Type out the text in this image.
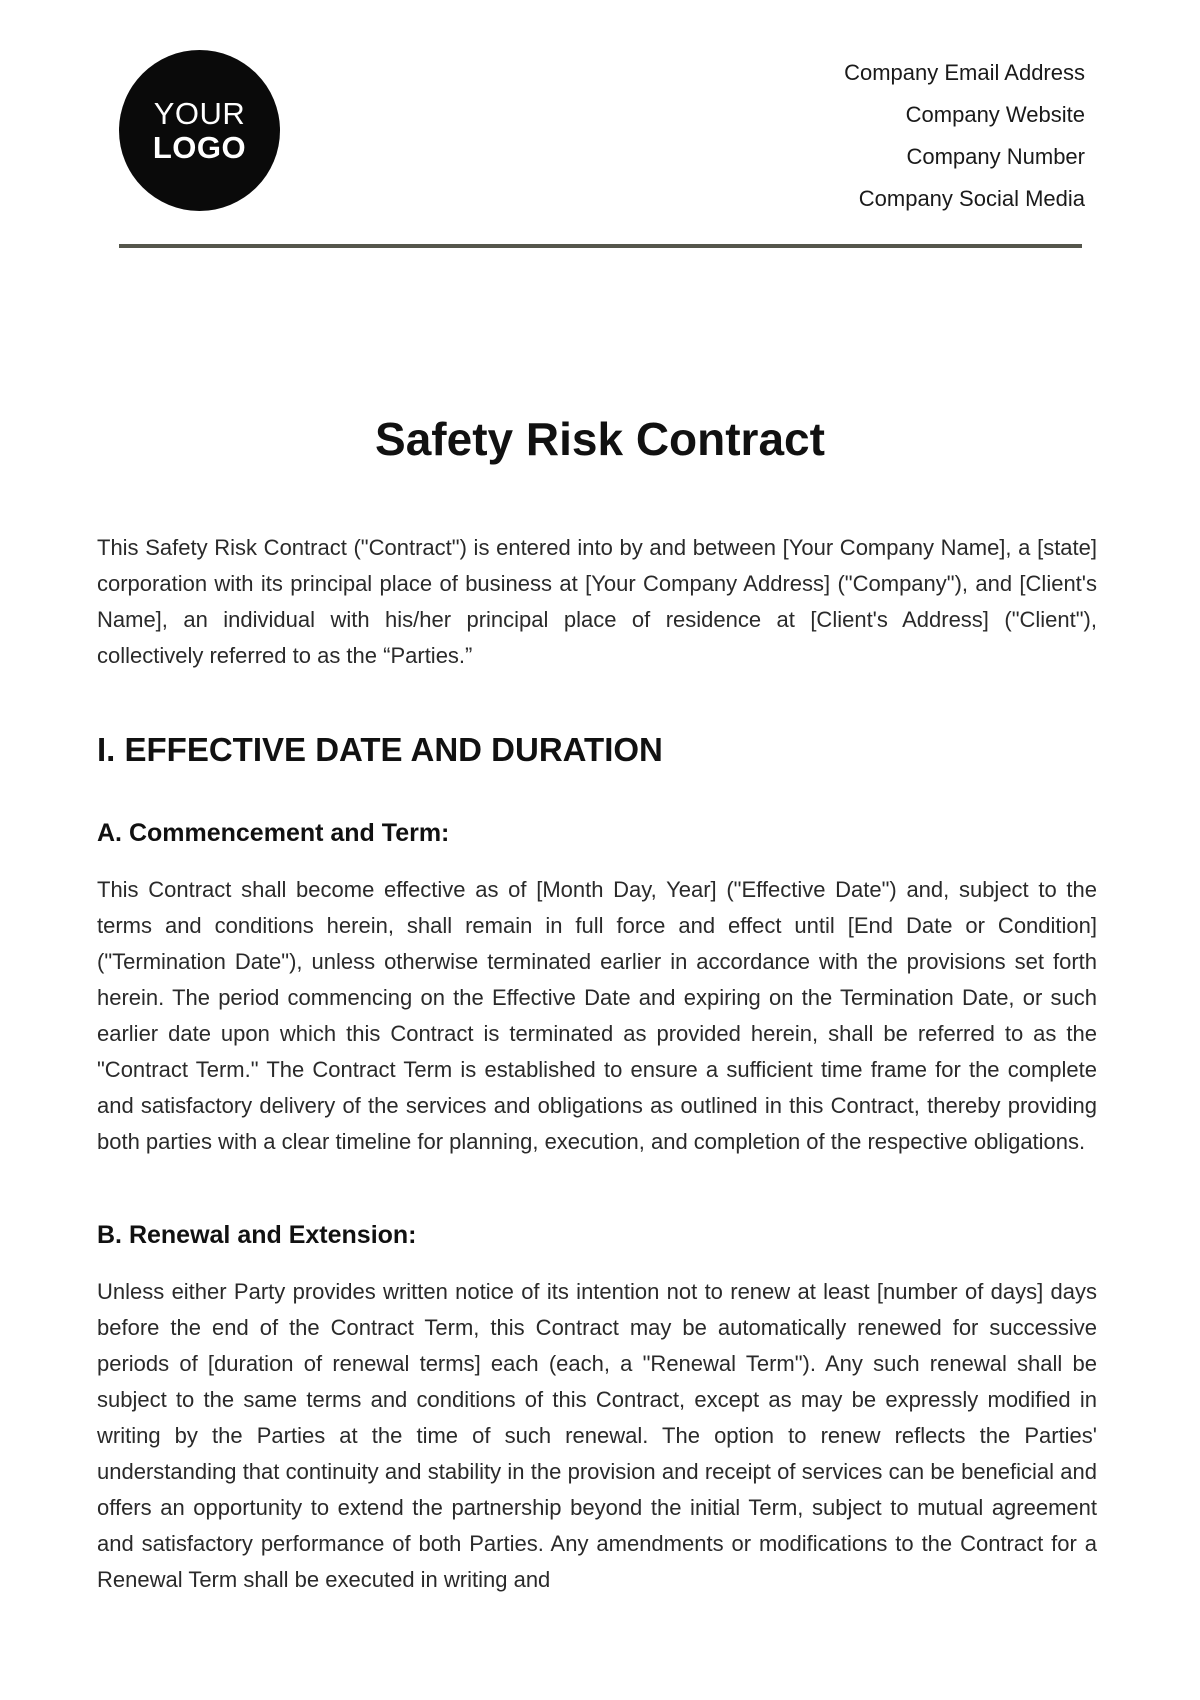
YOUR
LOGO
Company Email Address
Company Website
Company Number
Company Social Media
Safety Risk Contract

This Safety Risk Contract ("Contract") is entered into by and between [Your Company Name], a [state] corporation with its principal place of business at [Your Company Address] ("Company"), and [Client's Name], an individual with his/her principal place of residence at [Client's Address] ("Client"), collectively referred to as the “Parties.”

I. EFFECTIVE DATE AND DURATION
A. Commencement and Term:

This Contract shall become effective as of [Month Day, Year] ("Effective Date") and, subject to the terms and conditions herein, shall remain in full force and effect until [End Date or Condition] ("Termination Date"), unless otherwise terminated earlier in accordance with the provisions set forth herein. The period commencing on the Effective Date and expiring on the Termination Date, or such earlier date upon which this Contract is terminated as provided herein, shall be referred to as the "Contract Term." The Contract Term is established to ensure a sufficient time frame for the complete and satisfactory delivery of the services and obligations as outlined in this Contract, thereby providing both parties with a clear timeline for planning, execution, and completion of the respective obligations.

B. Renewal and Extension:

Unless either Party provides written notice of its intention not to renew at least [number of days] days before the end of the Contract Term, this Contract may be automatically renewed for successive periods of [duration of renewal terms] each (each, a "Renewal Term"). Any such renewal shall be subject to the same terms and conditions of this Contract, except as may be expressly modified in writing by the Parties at the time of such renewal. The option to renew reflects the Parties' understanding that continuity and stability in the provision and receipt of services can be beneficial and offers an opportunity to extend the partnership beyond the initial Term, subject to mutual agreement and satisfactory performance of both Parties. Any amendments or modifications to the Contract for a Renewal Term shall be executed in writing and
